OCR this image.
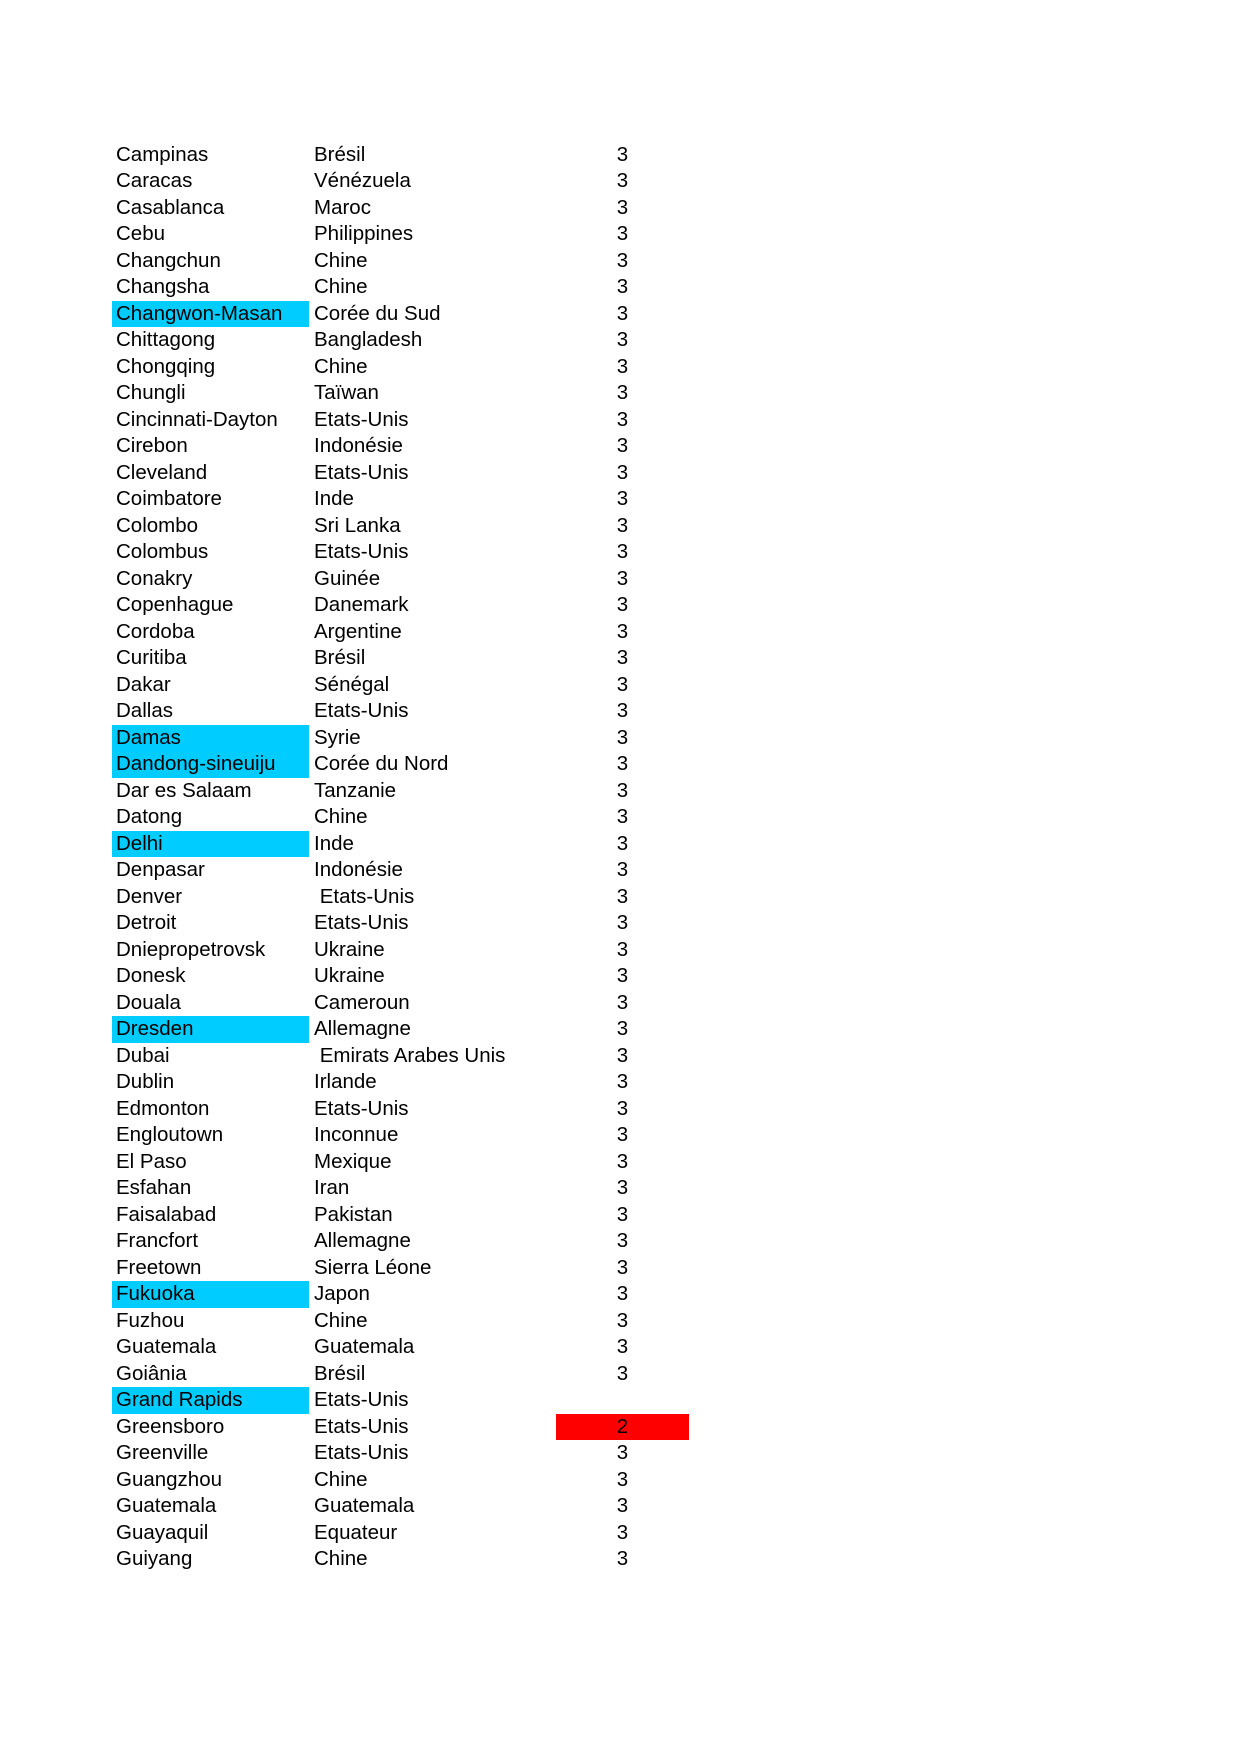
Campinas	Brésil	3
Caracas	Vénézuela	3
Casablanca	Maroc	3
Cebu	Philippines	3
Changchun	Chine	3
Changsha	Chine	3
Changwon-Masan	Corée du Sud	3
Chittagong	Bangladesh	3
Chongqing	Chine	3
Chungli	Taïwan	3
Cincinnati-Dayton	Etats-Unis	3
Cirebon	Indonésie	3
Cleveland	Etats-Unis	3
Coimbatore	Inde	3
Colombo	Sri Lanka	3
Colombus	Etats-Unis	3
Conakry	Guinée	3
Copenhague	Danemark	3
Cordoba	Argentine	3
Curitiba	Brésil	3
Dakar	Sénégal	3
Dallas	Etats-Unis	3
Damas	Syrie	3
Dandong-sineuiju	Corée du Nord	3
Dar es Salaam	Tanzanie	3
Datong	Chine	3
Delhi	Inde	3
Denpasar	Indonésie	3
Denver	Etats-Unis	3
Detroit	Etats-Unis	3
Dniepropetrovsk	Ukraine	3
Donesk	Ukraine	3
Douala	Cameroun	3
Dresden	Allemagne	3
Dubai	Emirats Arabes Unis	3
Dublin	Irlande	3
Edmonton	Etats-Unis	3
Engloutown	Inconnue	3
El Paso	Mexique	3
Esfahan	Iran	3
Faisalabad	Pakistan	3
Francfort	Allemagne	3
Freetown	Sierra Léone	3
Fukuoka	Japon	3
Fuzhou	Chine	3
Guatemala	Guatemala	3
Goiânia	Brésil	3
Grand Rapids	Etats-Unis
Greensboro	Etats-Unis	2
Greenville	Etats-Unis	3
Guangzhou	Chine	3
Guatemala	Guatemala	3
Guayaquil	Equateur	3
Guiyang	Chine	3
